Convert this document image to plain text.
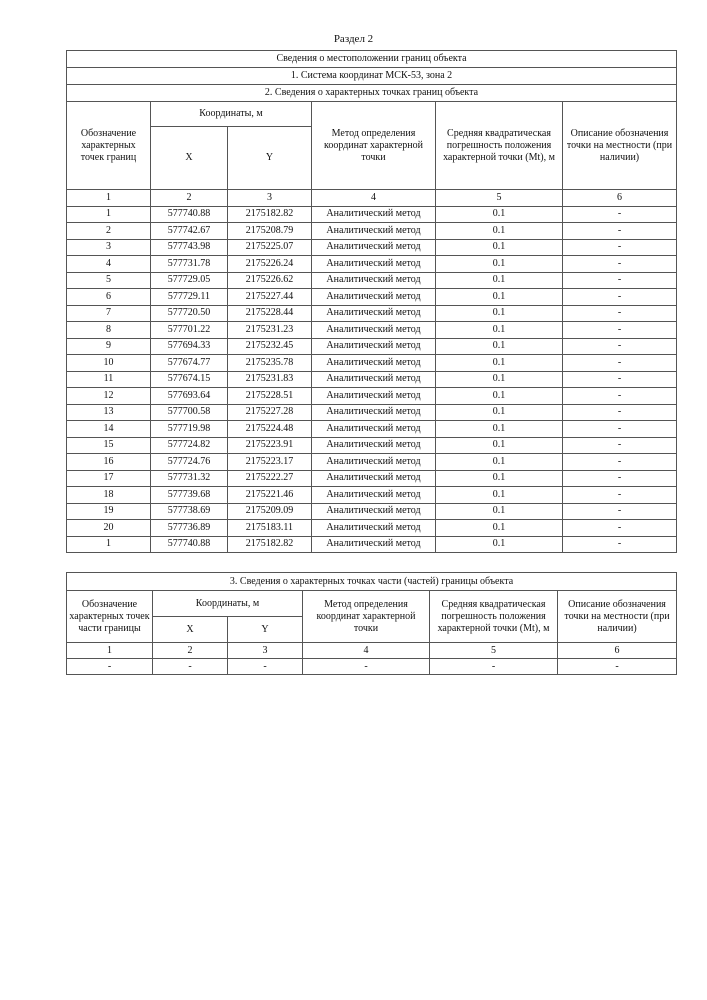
Раздел 2
Сведения о местоположении границ объекта					
1. Система координат МСК-53, зона 2					
2. Сведения о характерных точках границ объекта					
Обозначение характерных точек границ	Координаты, м		Метод определения координат характерной точки	Средняя квадратическая погрешность положения характерной точки (Mt), м	Описание обозначения точки на местности (при наличии)
	X	Y			
1	2	3	4	5	6
1	577740.88	2175182.82	Аналитический метод	0.1	-
2	577742.67	2175208.79	Аналитический метод	0.1	-
3	577743.98	2175225.07	Аналитический метод	0.1	-
4	577731.78	2175226.24	Аналитический метод	0.1	-
5	577729.05	2175226.62	Аналитический метод	0.1	-
6	577729.11	2175227.44	Аналитический метод	0.1	-
7	577720.50	2175228.44	Аналитический метод	0.1	-
8	577701.22	2175231.23	Аналитический метод	0.1	-
9	577694.33	2175232.45	Аналитический метод	0.1	-
10	577674.77	2175235.78	Аналитический метод	0.1	-
11	577674.15	2175231.83	Аналитический метод	0.1	-
12	577693.64	2175228.51	Аналитический метод	0.1	-
13	577700.58	2175227.28	Аналитический метод	0.1	-
14	577719.98	2175224.48	Аналитический метод	0.1	-
15	577724.82	2175223.91	Аналитический метод	0.1	-
16	577724.76	2175223.17	Аналитический метод	0.1	-
17	577731.32	2175222.27	Аналитический метод	0.1	-
18	577739.68	2175221.46	Аналитический метод	0.1	-
19	577738.69	2175209.09	Аналитический метод	0.1	-
20	577736.89	2175183.11	Аналитический метод	0.1	-
1	577740.88	2175182.82	Аналитический метод	0.1	-
3. Сведения о характерных точках части (частей) границы объекта					
Обозначение характерных точек части границы	Координаты, м		Метод определения координат характерной точки	Средняя квадратическая погрешность положения характерной точки (Mt), м	Описание обозначения точки на местности (при наличии)
	X	Y			
1	2	3	4	5	6
-	-	-	-	-	-
